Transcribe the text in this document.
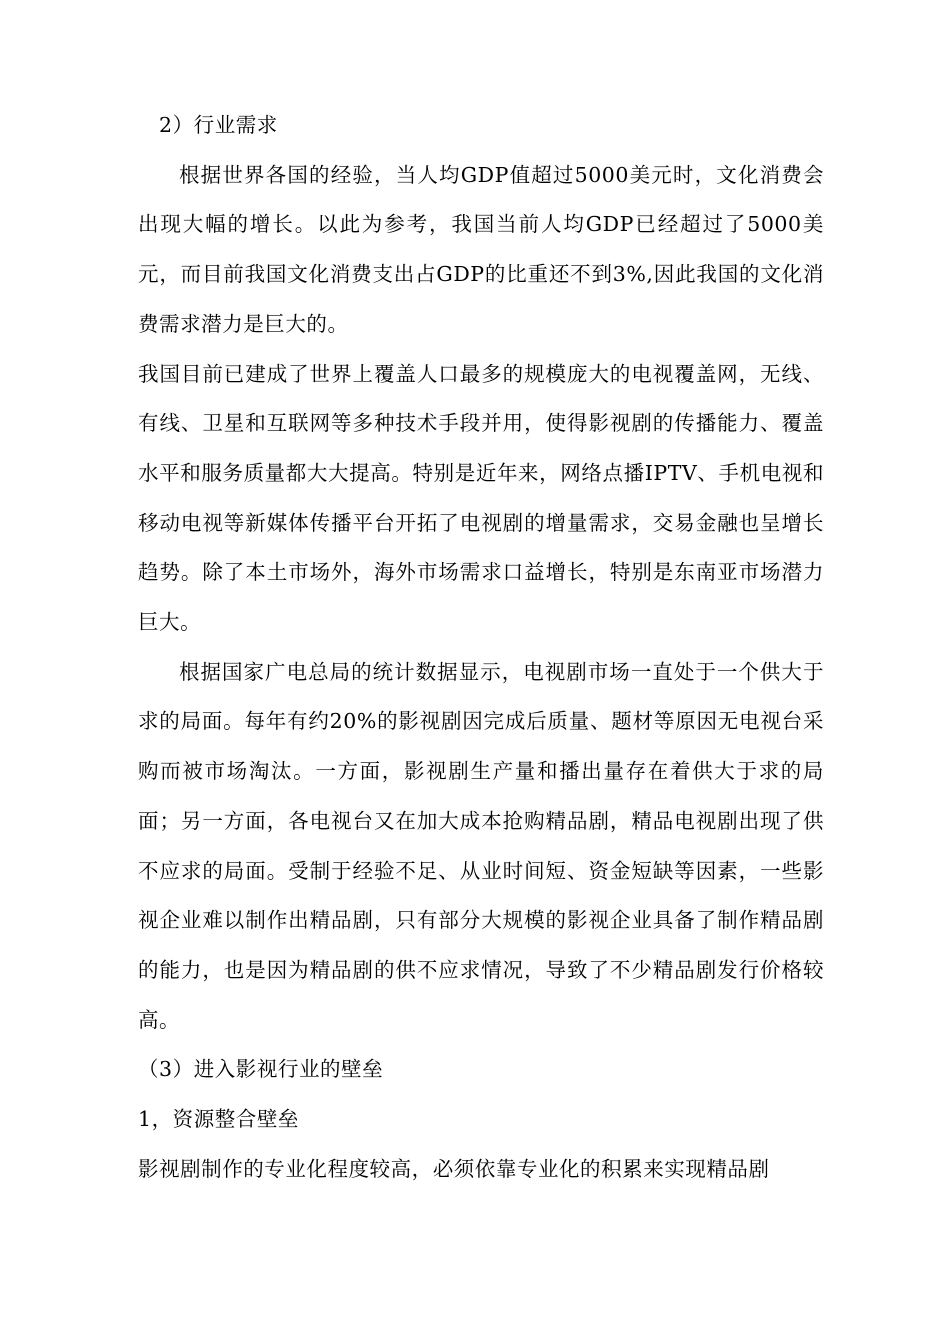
2）行业需求

根据世界各国的经验，当人均GDP值超过5000美元时，文化消费会出现大幅的增长。以此为参考，我国当前人均GDP已经超过了5000美元，而目前我国文化消费支出占GDP的比重还不到3%,因此我国的文化消费需求潜力是巨大的。

我国目前已建成了世界上覆盖人口最多的规模庞大的电视覆盖网，无线、有线、卫星和互联网等多种技术手段并用，使得影视剧的传播能力、覆盖水平和服务质量都大大提高。特别是近年来，网络点播IPTV、手机电视和移动电视等新媒体传播平台开拓了电视剧的增量需求，交易金融也呈增长趋势。除了本土市场外，海外市场需求口益增长，特别是东南亚市场潜力巨大。

根据国家广电总局的统计数据显示，电视剧市场一直处于一个供大于求的局面。每年有约20%的影视剧因完成后质量、题材等原因无电视台采购而被市场淘汰。一方面，影视剧生产量和播出量存在着供大于求的局面；另一方面，各电视台又在加大成本抢购精品剧，精品电视剧出现了供不应求的局面。受制于经验不足、从业时间短、资金短缺等因素，一些影视企业难以制作出精品剧，只有部分大规模的影视企业具备了制作精品剧的能力，也是因为精品剧的供不应求情况，导致了不少精品剧发行价格较高。

（3）进入影视行业的壁垒

1，资源整合壁垒

影视剧制作的专业化程度较高，必须依靠专业化的积累来实现精品剧
